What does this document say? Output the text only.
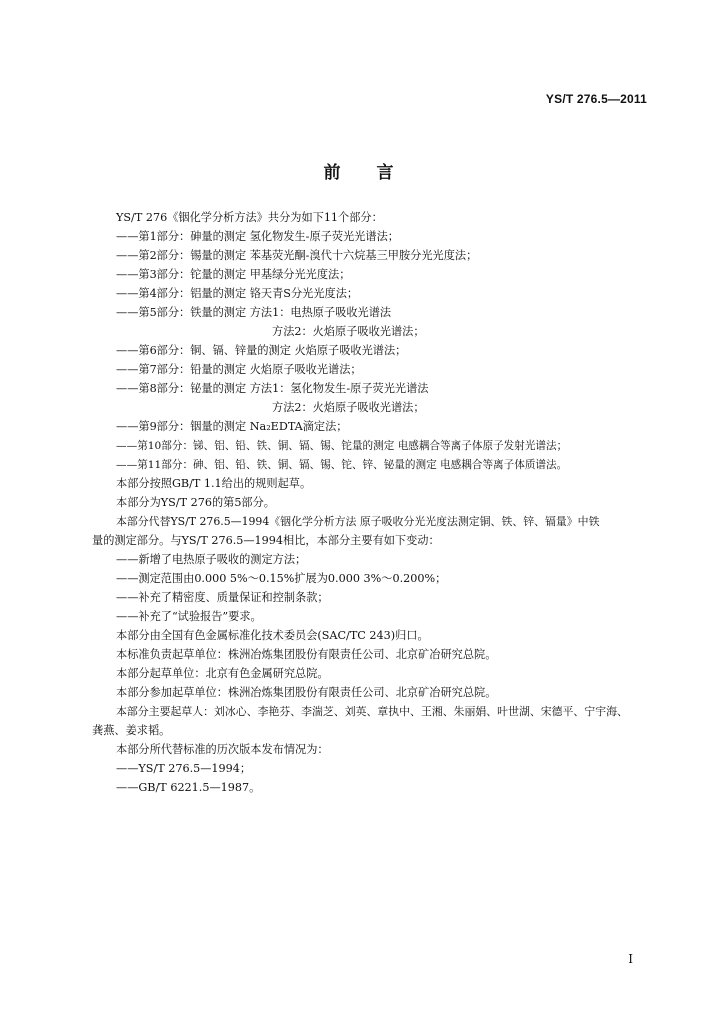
YS/T 276.5—2011
前言
YS/T 276《铟化学分析方法》共分为如下11个部分：
——第1部分：砷量的测定 氢化物发生-原子荧光光谱法；
——第2部分：锡量的测定 苯基荧光酮-溴代十六烷基三甲胺分光光度法；
——第3部分：铊量的测定 甲基绿分光光度法；
——第4部分：铝量的测定 铬天青S分光光度法；
——第5部分：铁量的测定 方法1：电热原子吸收光谱法
方法2：火焰原子吸收光谱法；
——第6部分：铜、镉、锌量的测定 火焰原子吸收光谱法；
——第7部分：铅量的测定 火焰原子吸收光谱法；
——第8部分：铋量的测定 方法1：氢化物发生-原子荧光光谱法
方法2：火焰原子吸收光谱法；
——第9部分：铟量的测定 Na₂EDTA滴定法；
——第10部分：锑、铝、铅、铁、铜、镉、锡、铊量的测定 电感耦合等离子体原子发射光谱法；
——第11部分：砷、铝、铅、铁、铜、镉、锡、铊、锌、铋量的测定 电感耦合等离子体质谱法。
本部分按照GB/T 1.1给出的规则起草。
本部分为YS/T 276的第5部分。
本部分代替YS/T 276.5—1994《铟化学分析方法 原子吸收分光光度法测定铜、铁、锌、镉量》中铁
量的测定部分。与YS/T 276.5—1994相比，本部分主要有如下变动：
——新增了电热原子吸收的测定方法；
——测定范围由0.000 5%～0.15%扩展为0.000 3%～0.200%；
——补充了精密度、质量保证和控制条款；
——补充了“试验报告”要求。
本部分由全国有色金属标准化技术委员会(SAC/TC 243)归口。
本标准负责起草单位：株洲冶炼集团股份有限责任公司、北京矿冶研究总院。
本部分起草单位：北京有色金属研究总院。
本部分参加起草单位：株洲冶炼集团股份有限责任公司、北京矿冶研究总院。
本部分主要起草人：刘冰心、李艳芬、李湍芝、刘英、章执中、王湘、朱丽娟、叶世湖、宋德平、宁宇海、
龚燕、姜求韬。
本部分所代替标准的历次版本发布情况为：
——YS/T 276.5—1994；
——GB/T 6221.5—1987。
I
